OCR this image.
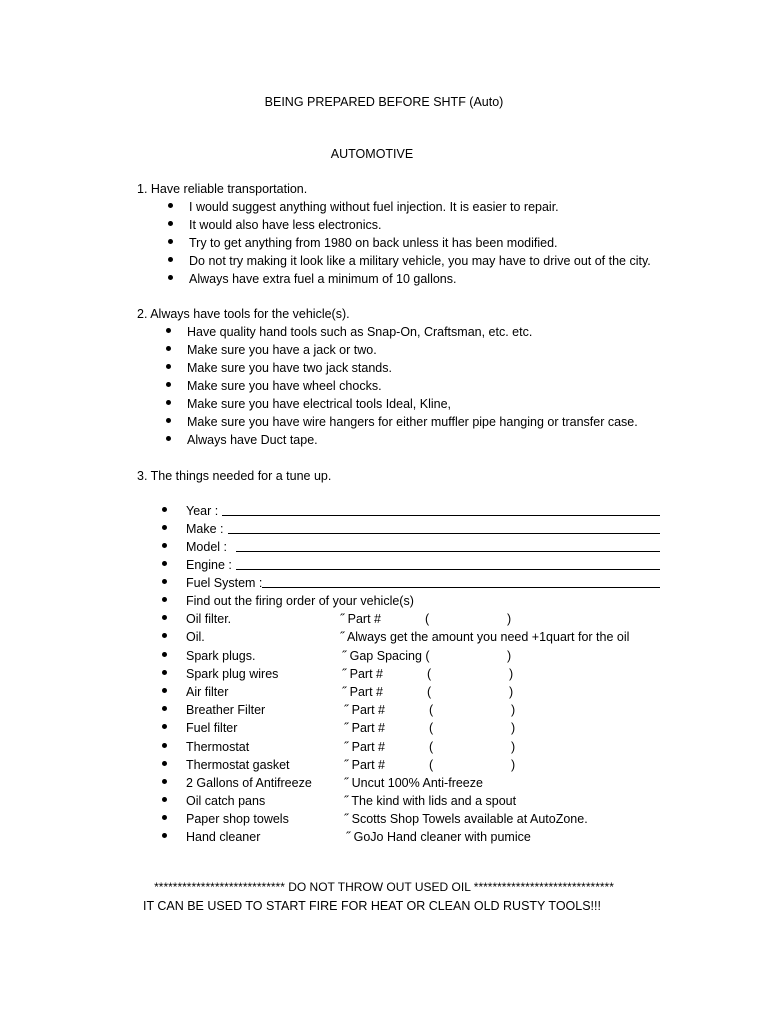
BEING PREPARED BEFORE SHTF (Auto)
AUTOMOTIVE
1. Have reliable transportation.
I would suggest anything without fuel injection. It is easier to repair.
It would also have less electronics.
Try to get anything from 1980 on back unless it has been modified.
Do not try making it look like a military vehicle, you may have to drive out of the city.
Always have extra fuel a minimum of 10 gallons.
2. Always have tools for the vehicle(s).
Have quality hand tools such as Snap-On, Craftsman, etc. etc.
Make sure you have a jack or two.
Make sure you have two jack stands.
Make sure you have wheel chocks.
Make sure you have electrical tools Ideal, Kline,
Make sure you have wire hangers for either muffler pipe hanging or transfer case.
Always have Duct tape.
3. The things needed for a tune up.
Year :
Make :
Model :
Engine :
Fuel System :
Find out the firing order of your vehicle(s)
Oil filter.	˝ Part #	(	)
Oil.	˝ Always get the amount you need +1quart for the oil
Spark plugs.	˝ Gap Spacing (	)
Spark plug wires	˝ Part #	(	)
Air filter	˝ Part #	(	)
Breather Filter	˝ Part #	(	)
Fuel filter	˝ Part #	(	)
Thermostat	˝ Part #	(	)
Thermostat gasket	˝ Part #	(	)
2 Gallons of Antifreeze	˝ Uncut 100% Anti-freeze
Oil catch pans	˝ The kind with lids and a spout
Paper shop towels	˝ Scotts Shop Towels available at AutoZone.
Hand cleaner	˝ GoJo Hand cleaner with pumice
**************************** DO NOT THROW OUT USED OIL ******************************
IT CAN BE USED TO START FIRE FOR HEAT OR CLEAN OLD RUSTY TOOLS!!!
